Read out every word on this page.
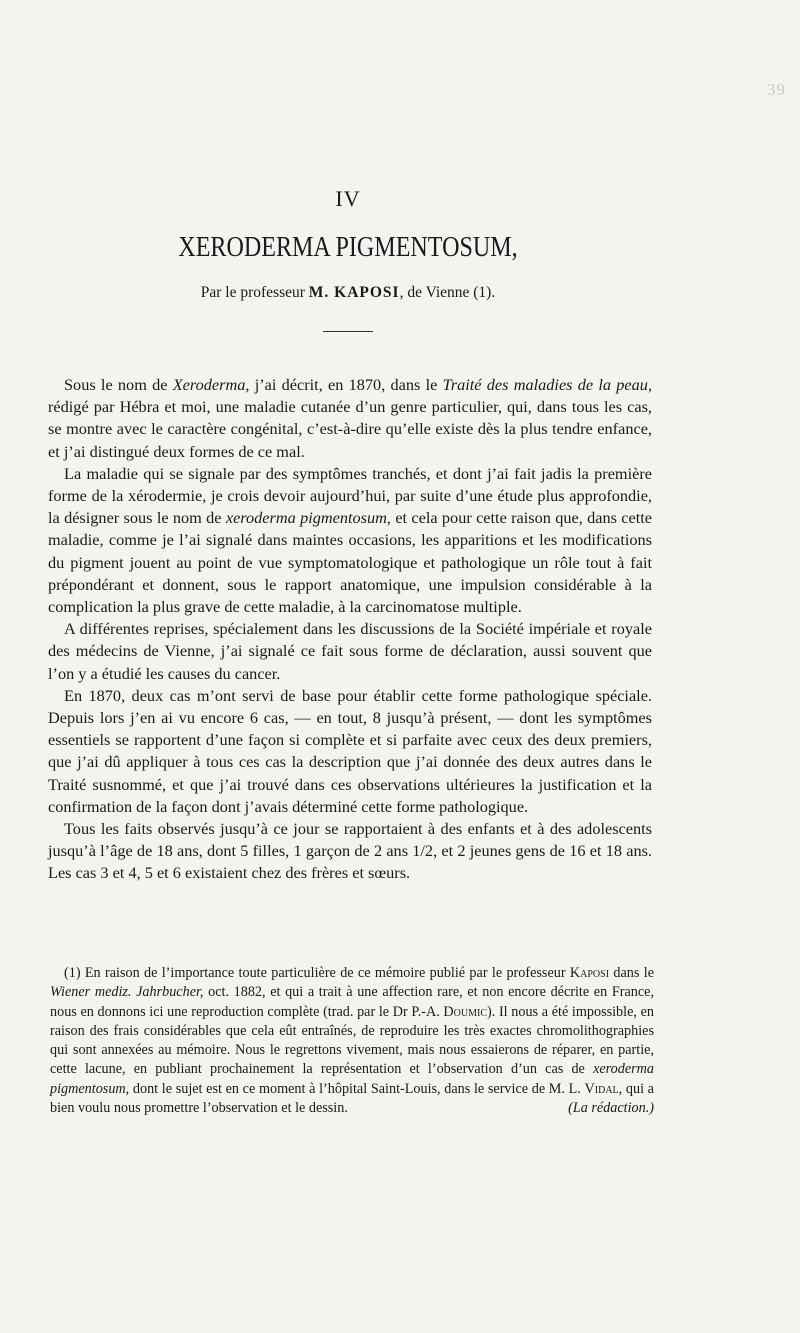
39
IV
XERODERMA PIGMENTOSUM,
Par le professeur M. KAPOSI, de Vienne (1).

Sous le nom de Xeroderma, j’ai décrit, en 1870, dans le Traité des maladies de la peau, rédigé par Hébra et moi, une maladie cutanée d’un genre particulier, qui, dans tous les cas, se montre avec le caractère congénital, c’est-à-dire qu’elle existe dès la plus tendre enfance, et j’ai distingué deux formes de ce mal.

La maladie qui se signale par des symptômes tranchés, et dont j’ai fait jadis la première forme de la xérodermie, je crois devoir aujourd’hui, par suite d’une étude plus approfondie, la désigner sous le nom de xeroderma pigmentosum, et cela pour cette raison que, dans cette maladie, comme je l’ai signalé dans maintes occasions, les apparitions et les modifications du pigment jouent au point de vue symptomatologique et pathologique un rôle tout à fait prépondérant et donnent, sous le rapport anatomique, une impulsion considérable à la complication la plus grave de cette maladie, à la carcinomatose multiple.

A différentes reprises, spécialement dans les discussions de la Société impériale et royale des médecins de Vienne, j’ai signalé ce fait sous forme de déclaration, aussi souvent que l’on y a étudié les causes du cancer.

En 1870, deux cas m’ont servi de base pour établir cette forme pathologique spéciale. Depuis lors j’en ai vu encore 6 cas, — en tout, 8 jusqu’à présent, — dont les symptômes essentiels se rapportent d’une façon si complète et si parfaite avec ceux des deux premiers, que j’ai dû appliquer à tous ces cas la description que j’ai donnée des deux autres dans le Traité susnommé, et que j’ai trouvé dans ces observations ultérieures la justification et la confirmation de la façon dont j’avais déterminé cette forme pathologique.

Tous les faits observés jusqu’à ce jour se rapportaient à des enfants et à des adolescents jusqu’à l’âge de 18 ans, dont 5 filles, 1 garçon de 2 ans 1/2, et 2 jeunes gens de 16 et 18 ans. Les cas 3 et 4, 5 et 6 existaient chez des frères et sœurs.

(1) En raison de l’importance toute particulière de ce mémoire publié par le professeur Kaposi dans le Wiener mediz. Jahrbucher, oct. 1882, et qui a trait à une affection rare, et non encore décrite en France, nous en donnons ici une reproduction complète (trad. par le Dr P.-A. Doumic). Il nous a été impossible, en raison des frais considérables que cela eût entraînés, de reproduire les très exactes chromolithographies qui sont annexées au mémoire. Nous le regrettons vivement, mais nous essaierons de réparer, en partie, cette lacune, en publiant prochainement la représentation et l’observation d’un cas de xeroderma pigmentosum, dont le sujet est en ce moment à l’hôpital Saint-Louis, dans le service de M. L. Vidal, qui a bien voulu nous promettre l’observation et le dessin.	(La rédaction.)
